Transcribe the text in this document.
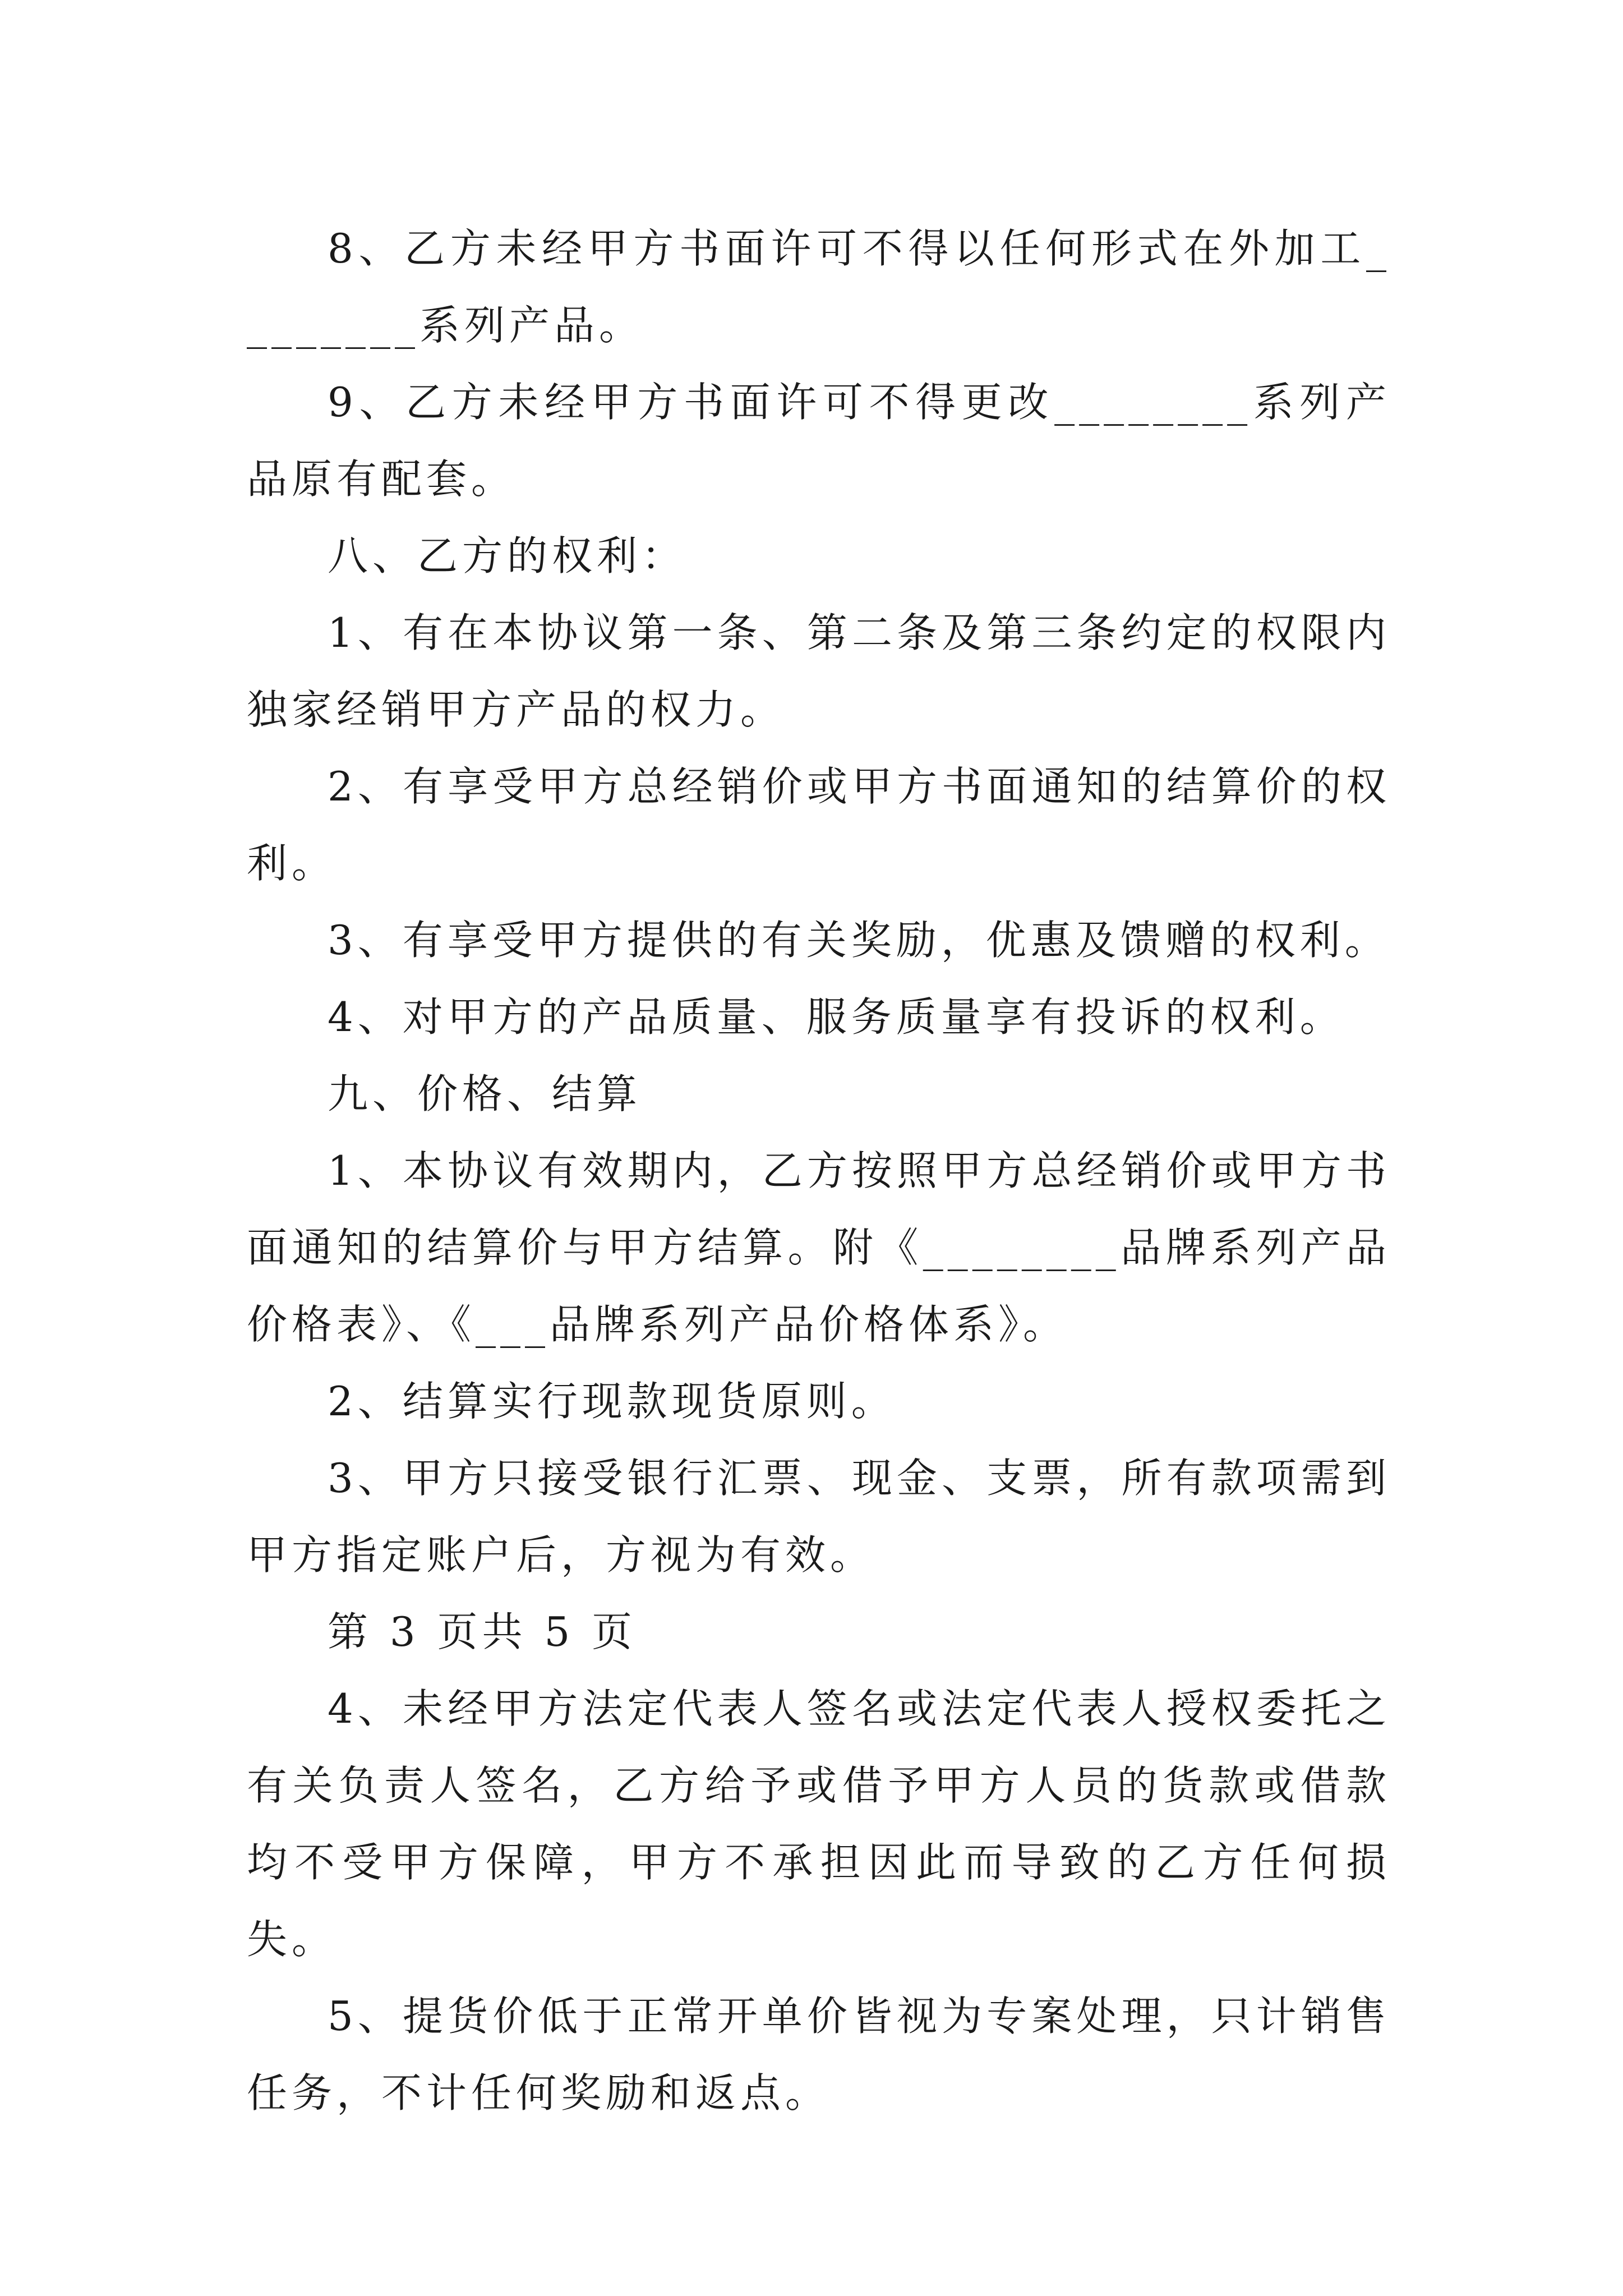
8、乙方未经甲方书面许可不得以任何形式在外加工________系列产品。

9、乙方未经甲方书面许可不得更改________系列产品原有配套。

八、乙方的权利：

1、有在本协议第一条、第二条及第三条约定的权限内独家经销甲方产品的权力。

2、有享受甲方总经销价或甲方书面通知的结算价的权利。

3、有享受甲方提供的有关奖励，优惠及馈赠的权利。

4、对甲方的产品质量、服务质量享有投诉的权利。

九、价格、结算

1、本协议有效期内，乙方按照甲方总经销价或甲方书面通知的结算价与甲方结算。附《________品牌系列产品价格表》、《___品牌系列产品价格体系》。

2、结算实行现款现货原则。

3、甲方只接受银行汇票、现金、支票，所有款项需到甲方指定账户后，方视为有效。

第 3 页共 5 页

4、未经甲方法定代表人签名或法定代表人授权委托之有关负责人签名，乙方给予或借予甲方人员的货款或借款均不受甲方保障，甲方不承担因此而导致的乙方任何损失。

5、提货价低于正常开单价皆视为专案处理，只计销售任务，不计任何奖励和返点。
